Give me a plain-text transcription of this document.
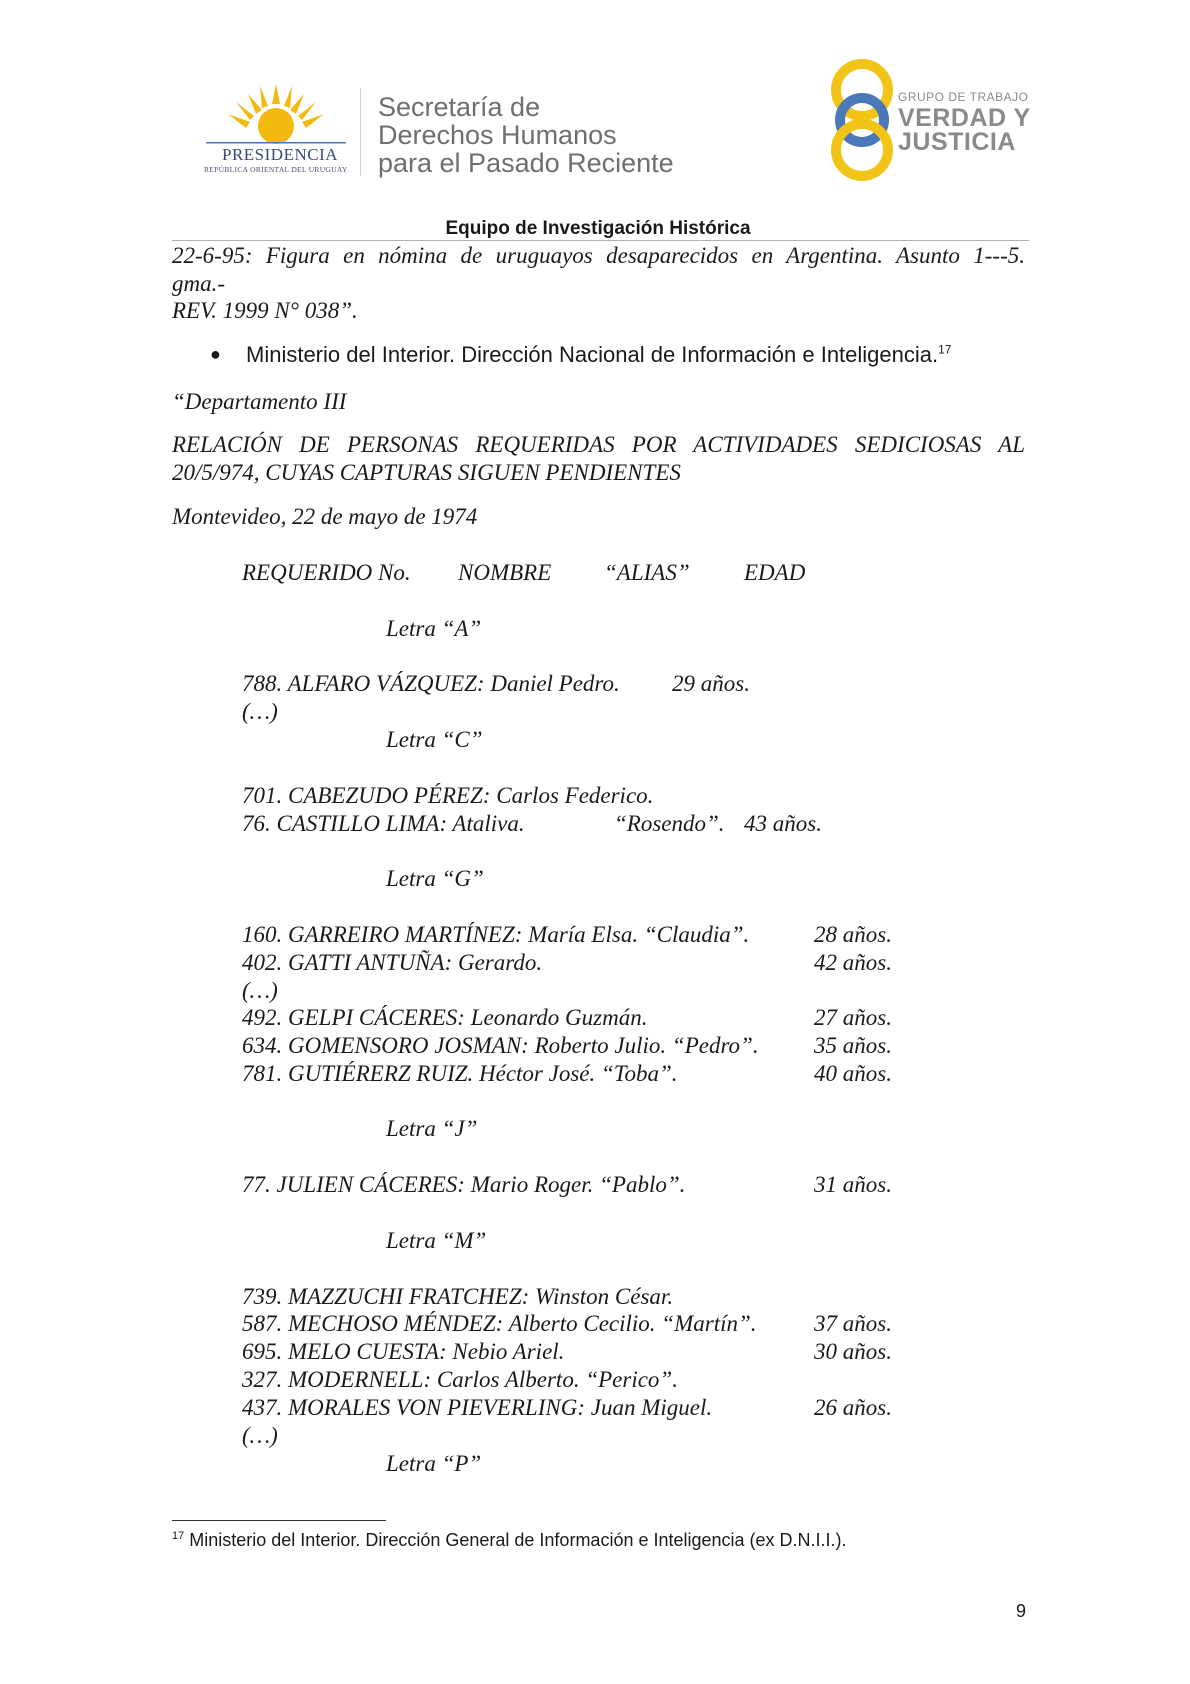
PRESIDENCIA
REPÚBLICA ORIENTAL DEL URUGUAY
Secretaría de
Derechos Humanos
para el Pasado Reciente
GRUPO DE TRABAJO
VERDAD Y
JUSTICIA
Equipo de Investigación Histórica
22-6-95: Figura en nómina de uruguayos desaparecidos en Argentina. Asunto 1---5.
gma.-
REV. 1999 N° 038”.
● Ministerio del Interior. Dirección Nacional de Información e Inteligencia.$^{17}$
“Departamento III
RELACIÓN DE PERSONAS REQUERIDAS POR ACTIVIDADES SEDICIOSAS AL
20/5/974, CUYAS CAPTURAS SIGUEN PENDIENTES
Montevideo, 22 de mayo de 1974
REQUERIDO No. NOMBRE “ALIAS” EDAD
Letra “A”
788. ALFARO VÁZQUEZ: Daniel Pedro. 29 años.
(…)
Letra “C”
701. CABEZUDO PÉREZ: Carlos Federico.
76. CASTILLO LIMA: Ataliva.	“Rosendo”. 43 años.
Letra “G”
160. GARREIRO MARTÍNEZ: María Elsa. “Claudia”.	28 años.
402. GATTI ANTUÑA: Gerardo.	42 años.
(…)
492. GELPI CÁCERES: Leonardo Guzmán.	27 años.
634. GOMENSORO JOSMAN: Roberto Julio. “Pedro”. 35 años.
781. GUTIÉRERZ RUIZ. Héctor José. “Toba”.	40 años.
Letra “J”
77. JULIEN CÁCERES: Mario Roger. “Pablo”.	31 años.
Letra “M”
739. MAZZUCHI FRATCHEZ: Winston César.
587. MECHOSO MÉNDEZ: Alberto Cecilio. “Martín”. 37 años.
695. MELO CUESTA: Nebio Ariel.	30 años.
327. MODERNELL: Carlos Alberto. “Perico”.
437. MORALES VON PIEVERLING: Juan Miguel.	26 años.
(…)
Letra “P”
$^{17}$ Ministerio del Interior. Dirección General de Información e Inteligencia (ex D.N.I.I.).
9
